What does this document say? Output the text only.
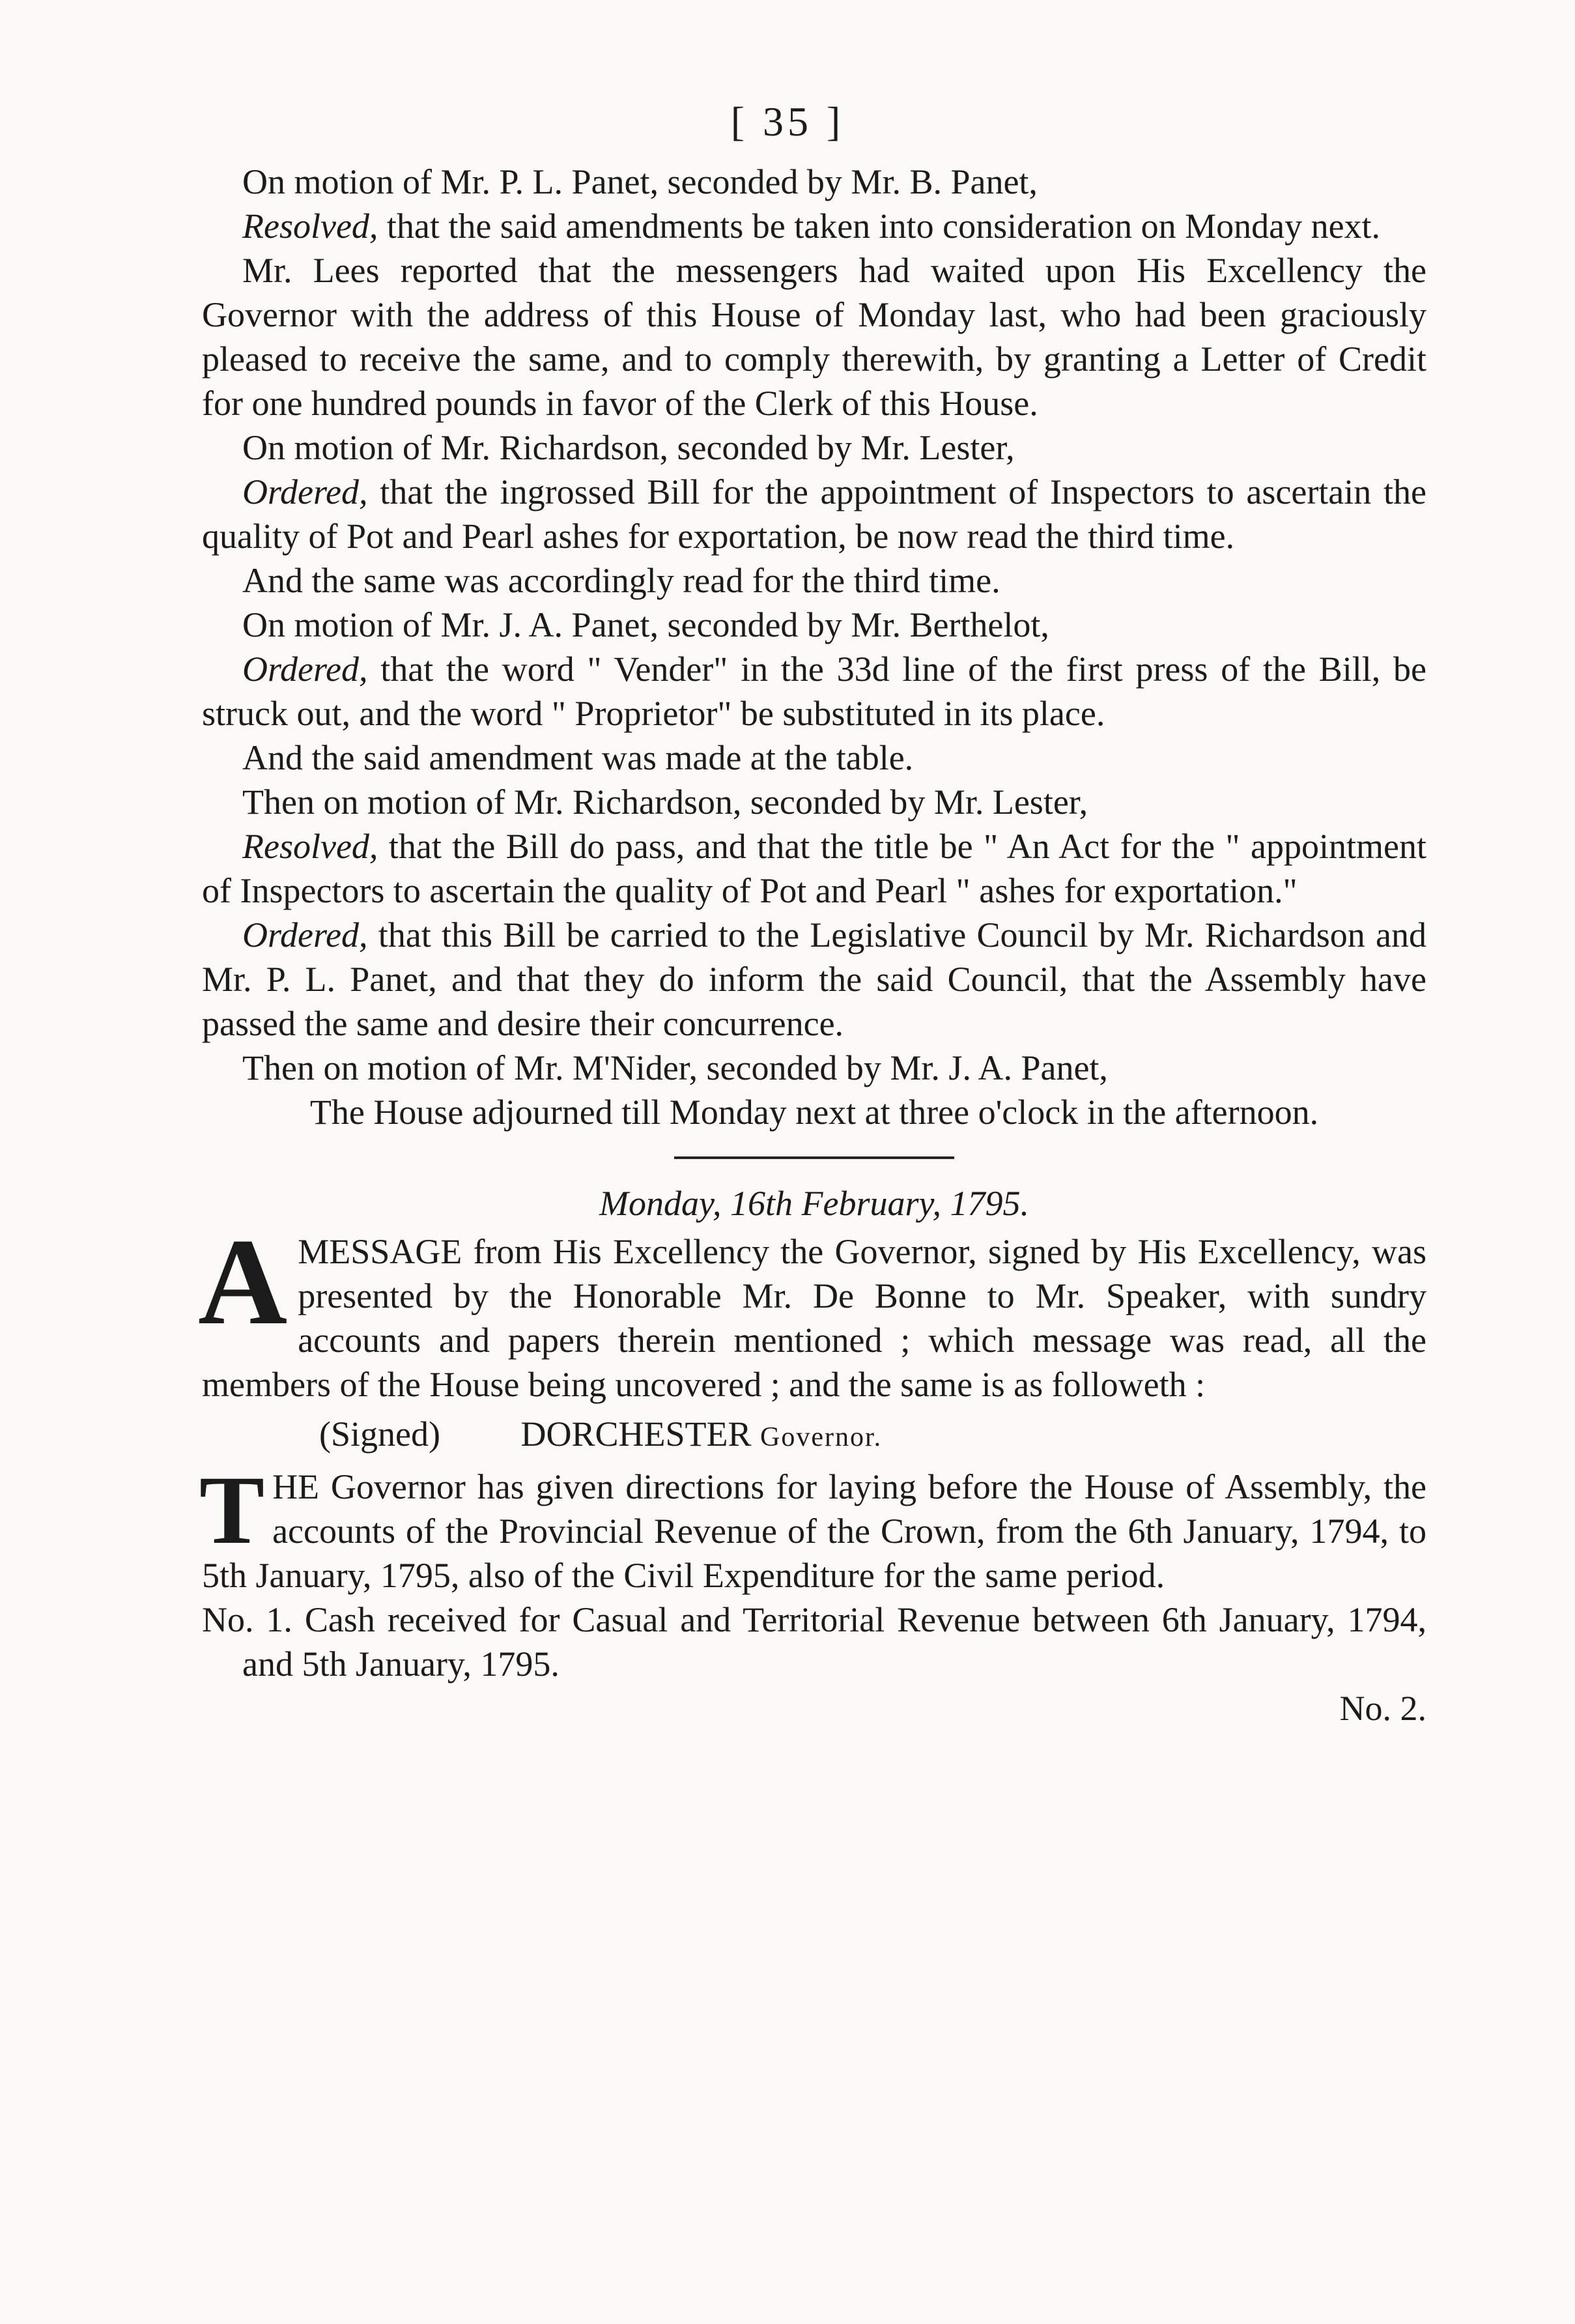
[ 35 ]

On motion of Mr. P. L. Panet, seconded by Mr. B. Panet,

Resolved, that the said amendments be taken into consideration on Monday next.

Mr. Lees reported that the messengers had waited upon His Excellency the Governor with the address of this House of Monday last, who had been graciously pleased to receive the same, and to comply therewith, by granting a Letter of Credit for one hundred pounds in favor of the Clerk of this House.

On motion of Mr. Richardson, seconded by Mr. Lester,

Ordered, that the ingrossed Bill for the appointment of Inspectors to ascertain the quality of Pot and Pearl ashes for exportation, be now read the third time.

And the same was accordingly read for the third time.

On motion of Mr. J. A. Panet, seconded by Mr. Berthelot,

Ordered, that the word " Vender" in the 33d line of the first press of the Bill, be struck out, and the word " Proprietor" be substituted in its place.

And the said amendment was made at the table.

Then on motion of Mr. Richardson, seconded by Mr. Lester,

Resolved, that the Bill do pass, and that the title be " An Act for the " appointment of Inspectors to ascertain the quality of Pot and Pearl " ashes for exportation."

Ordered, that this Bill be carried to the Legislative Council by Mr. Richardson and Mr. P. L. Panet, and that they do inform the said Council, that the Assembly have passed the same and desire their concurrence.

Then on motion of Mr. M'Nider, seconded by Mr. J. A. Panet,

The House adjourned till Monday next at three o'clock in the afternoon.

Monday, 16th February, 1795.

AMESSAGE from His Excellency the Governor, signed by His Excellency, was presented by the Honorable Mr. De Bonne to Mr. Speaker, with sundry accounts and papers therein mentioned ; which message was read, all the members of the House being uncovered ; and the same is as followeth :

(Signed) DORCHESTER Governor.

THE Governor has given directions for laying before the House of Assembly, the accounts of the Provincial Revenue of the Crown, from the 6th January, 1794, to 5th January, 1795, also of the Civil Expenditure for the same period.

No. 1. Cash received for Casual and Territorial Revenue between 6th January, 1794, and 5th January, 1795.

No. 2.
